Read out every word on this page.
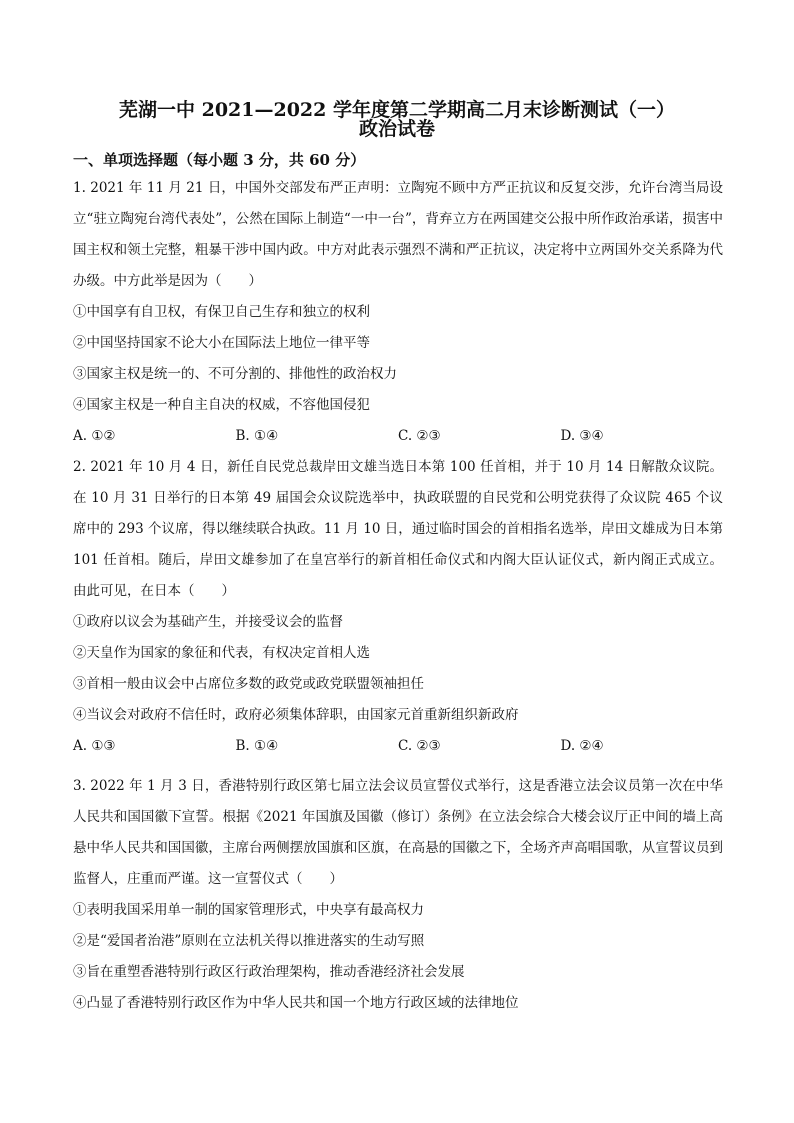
芜湖一中 2021—2022 学年度第二学期高二月末诊断测试（一）
政治试卷
一、单项选择题（每小题 3 分，共 60 分）

1. 2021 年 11 月 21 日，中国外交部发布严正声明：立陶宛不顾中方严正抗议和反复交涉，允许台湾当局设立“驻立陶宛台湾代表处”，公然在国际上制造“一中一台”，背弃立方在两国建交公报中所作政治承诺，损害中国主权和领土完整，粗暴干涉中国内政。中方对此表示强烈不满和严正抗议，决定将中立两国外交关系降为代办级。中方此举是因为（　　）

①中国享有自卫权，有保卫自己生存和独立的权利

②中国坚持国家不论大小在国际法上地位一律平等

③国家主权是统一的、不可分割的、排他性的政治权力

④国家主权是一种自主自决的权威，不容他国侵犯

A. ①②	B. ①④	C. ②③	D. ③④

2. 2021 年 10 月 4 日，新任自民党总裁岸田文雄当选日本第 100 任首相，并于 10 月 14 日解散众议院。在 10 月 31 日举行的日本第 49 届国会众议院选举中，执政联盟的自民党和公明党获得了众议院 465 个议席中的 293 个议席，得以继续联合执政。11 月 10 日，通过临时国会的首相指名选举，岸田文雄成为日本第 101 任首相。随后，岸田文雄参加了在皇宫举行的新首相任命仪式和内阁大臣认证仪式，新内阁正式成立。由此可见，在日本（　　）

①政府以议会为基础产生，并接受议会的监督

②天皇作为国家的象征和代表，有权决定首相人选

③首相一般由议会中占席位多数的政党或政党联盟领袖担任

④当议会对政府不信任时，政府必须集体辞职，由国家元首重新组织新政府

A. ①③	B. ①④	C. ②③	D. ②④

3. 2022 年 1 月 3 日，香港特别行政区第七届立法会议员宣誓仪式举行，这是香港立法会议员第一次在中华人民共和国国徽下宣誓。根据《2021 年国旗及国徽（修订）条例》在立法会综合大楼会议厅正中间的墙上高悬中华人民共和国国徽，主席台两侧摆放国旗和区旗，在高悬的国徽之下，全场齐声高唱国歌，从宣誓议员到监督人，庄重而严谨。这一宣誓仪式（　　）

①表明我国采用单一制的国家管理形式，中央享有最高权力

②是“爱国者治港”原则在立法机关得以推进落实的生动写照

③旨在重塑香港特别行政区行政治理架构，推动香港经济社会发展

④凸显了香港特别行政区作为中华人民共和国一个地方行政区域的法律地位
